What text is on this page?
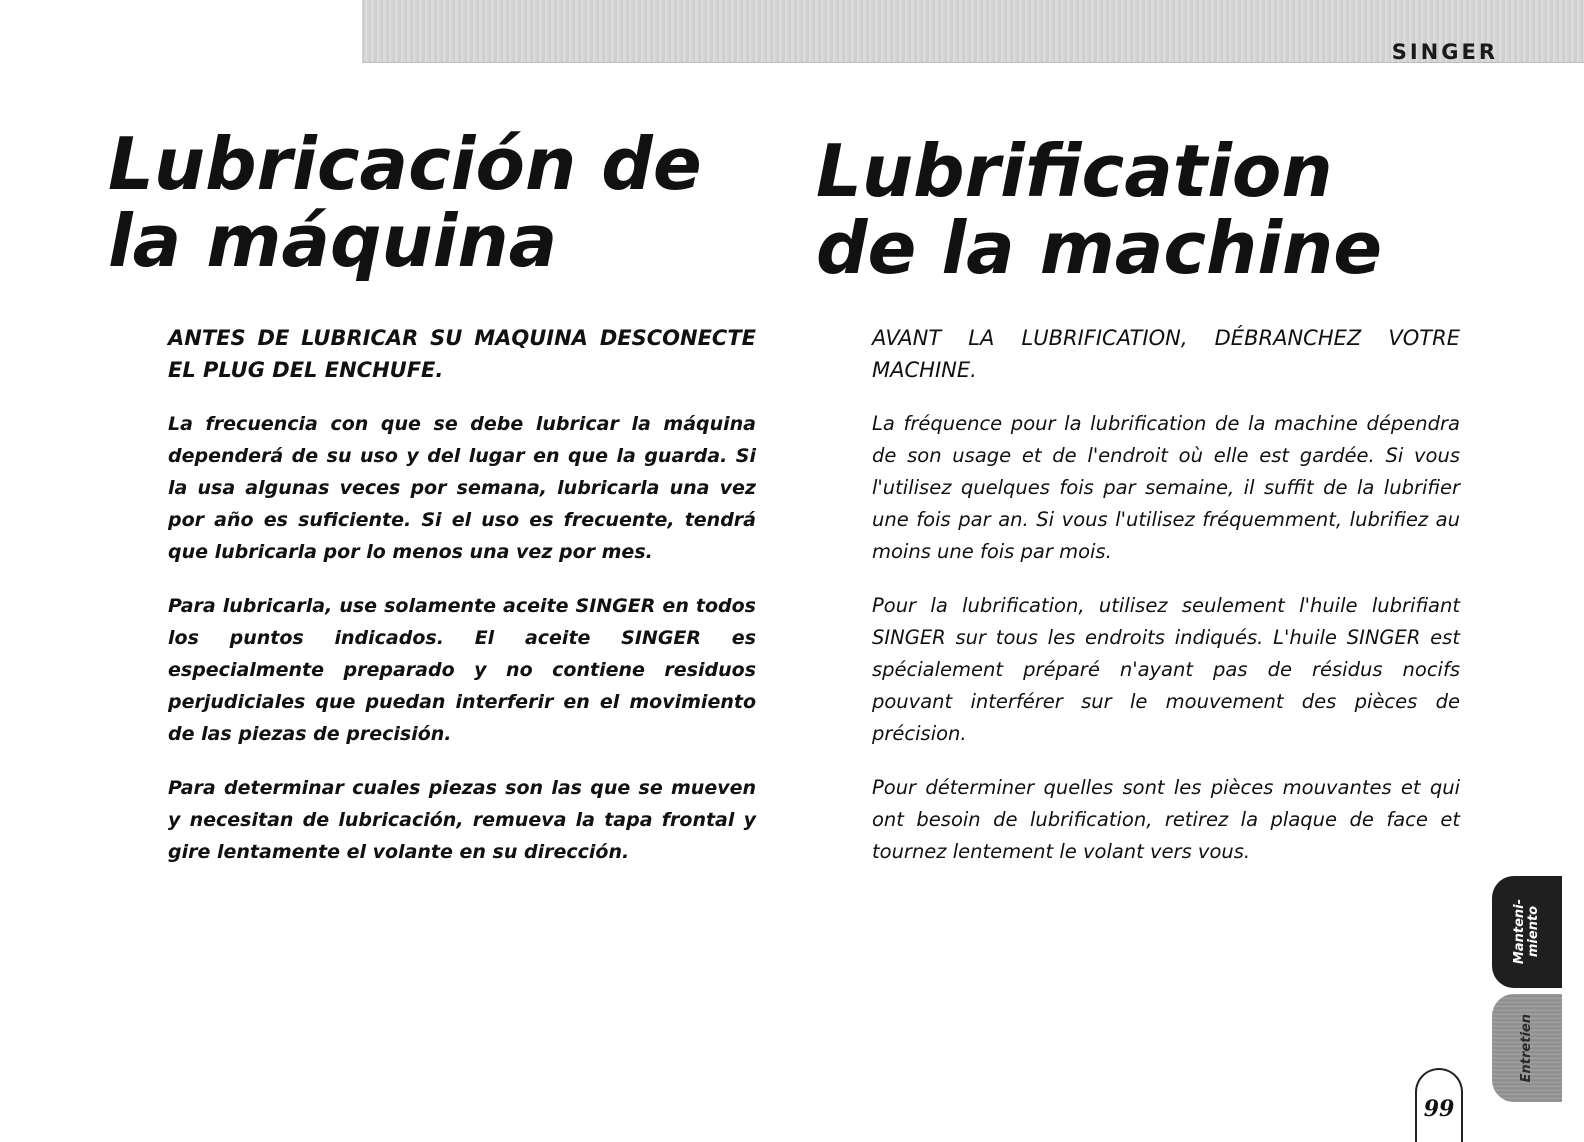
SINGER
Lubricación de
la máquina
Lubrification
de la machine

ANTES DE LUBRICAR SU MAQUINA DESCONECTE EL PLUG DEL ENCHUFE.

La frecuencia con que se debe lubricar la máquina dependerá de su uso y del lugar en que la guarda. Si la usa algunas veces por semana, lubricarla una vez por año es suficiente. Si el uso es frecuente, tendrá que lubricarla por lo menos una vez por mes.

Para lubricarla, use solamente aceite SINGER en todos los puntos indicados. El aceite SINGER es especialmente preparado y no contiene residuos perjudiciales que puedan interferir en el movimiento de las piezas de precisión.

Para determinar cuales piezas son las que se mueven y necesitan de lubricación, remueva la tapa frontal y gire lentamente el volante en su dirección.

AVANT LA LUBRIFICATION, DÉBRANCHEZ VOTRE MACHINE.

La fréquence pour la lubrification de la machine dépendra de son usage et de l'endroit où elle est gardée. Si vous l'utilisez quelques fois par semaine, il suffit de la lubrifier une fois par an. Si vous l'utilisez fréquemment, lubrifiez au moins une fois par mois.

Pour la lubrification, utilisez seulement l'huile lubrifiant SINGER sur tous les endroits indiqués. L'huile SINGER est spécialement préparé n'ayant pas de résidus nocifs pouvant interférer sur le mouvement des pièces de précision.

Pour déterminer quelles sont les pièces mouvantes et qui ont besoin de lubrification, retirez la plaque de face et tournez lentement le volant vers vous.

Manteni-
miento
Entretien
99
